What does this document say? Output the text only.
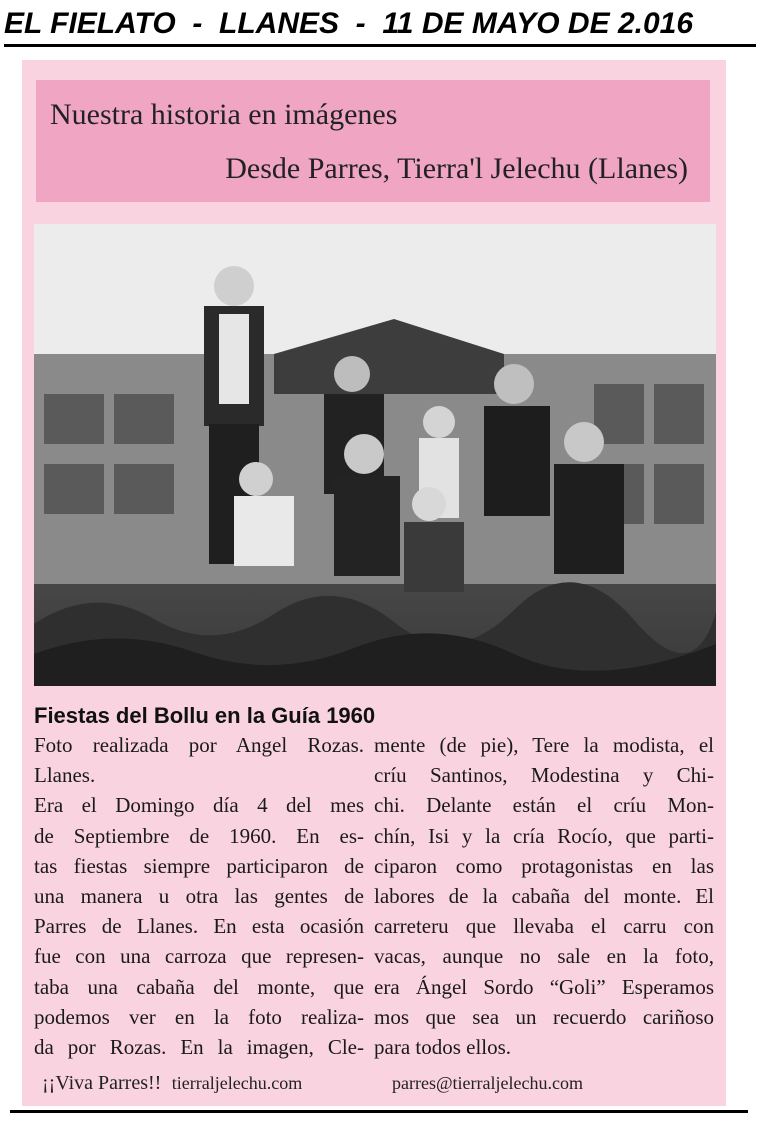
EL FIELATO  -  LLANES  -  11 DE MAYO DE 2.016
Nuestra historia en imágenes
Desde Parres, Tierra'l Jelechu (Llanes)
Fiestas del Bollu en la Guía 1960
Foto realizada por Angel Rozas.
Llanes.
Era el Domingo día 4 del mes
de Septiembre de 1960. En es-
tas fiestas siempre participaron de
una manera u otra las gentes de
Parres de Llanes. En esta ocasión
fue con una carroza que represen-
taba una cabaña del monte, que
podemos ver en la foto realiza-
da por Rozas. En la imagen, Cle-
mente (de pie), Tere la modista, el
críu Santinos, Modestina y Chi-
chi. Delante están el críu Mon-
chín, Isi y la cría Rocío, que parti-
ciparon como protagonistas en las
labores de la cabaña del monte. El
carreteru que llevaba el carru con
vacas, aunque no sale en la foto,
era Ángel Sordo “Goli” Esperamos
mos que sea un recuerdo cariñoso
para todos ellos.
¡¡Viva Parres!! tierraljelechu.com	parres@tierraljelechu.com
